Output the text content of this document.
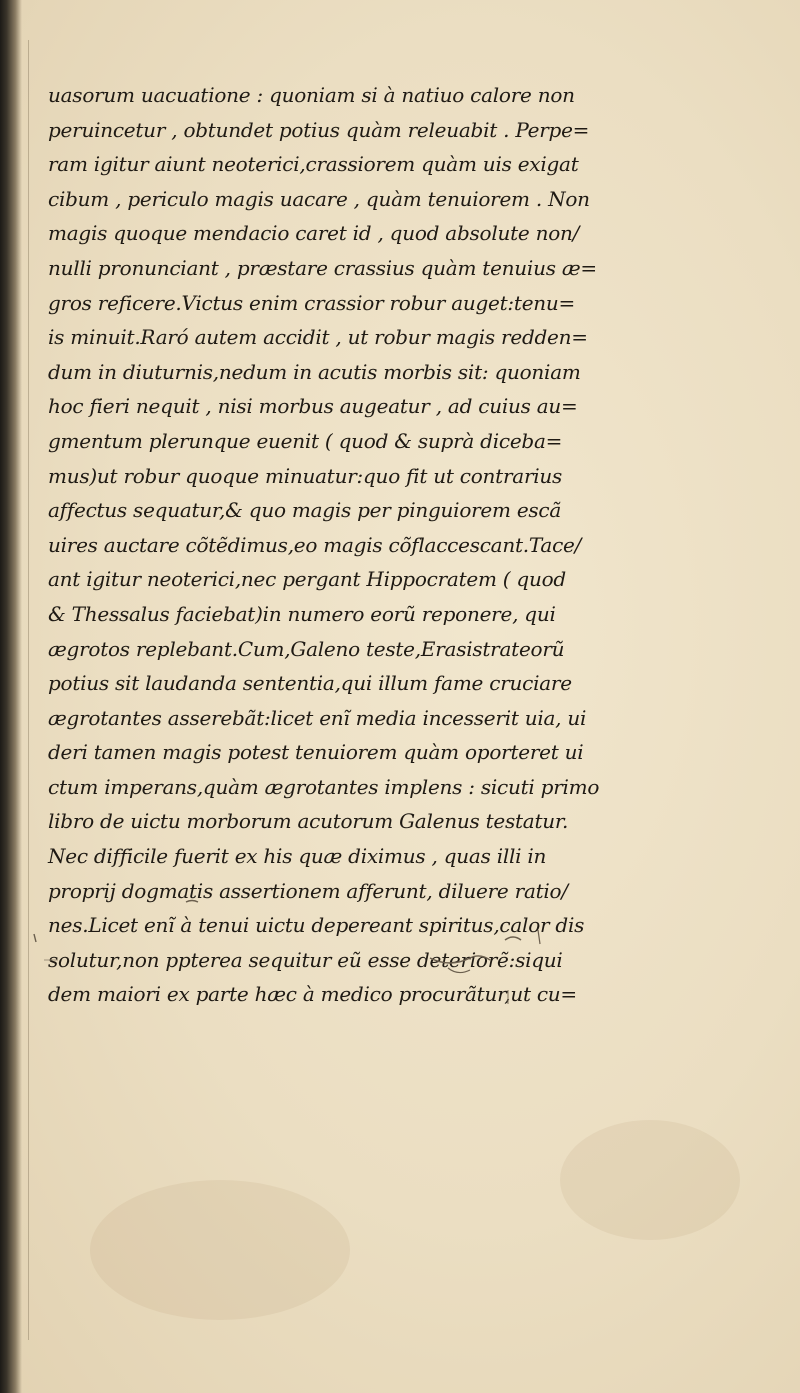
uasorum uacuatione : quoniam si à natiuo calore non
peruincetur , obtundet potius quàm releuabit . Perpe=
ram igitur aiunt neoterici,crassiorem quàm uis exigat
cibum , periculo magis uacare , quàm tenuiorem . Non
magis quoque mendacio caret id , quod absolute non/
nulli pronunciant , præstare crassius quàm tenuius æ=
gros reficere.Victus enim crassior robur auget:tenu=
is minuit.Raró autem accidit , ut robur magis redden=
dum in diuturnis,nedum in acutis morbis sit: quoniam
hoc fieri nequit , nisi morbus augeatur , ad cuius au=
gmentum plerunque euenit ( quod & suprà diceba=
mus)ut robur quoque minuatur:quo fit ut contrarius
affectus sequatur,& quo magis per pinguiorem escã
uires auctare cõtẽdimus,eo magis cõflaccescant.Tace/
ant igitur neoterici,nec pergant Hippocratem ( quod
& Thessalus faciebat)in numero eorũ reponere, qui
ægrotos replebant.Cum,Galeno teste,Erasistrateorũ
potius sit laudanda sententia,qui illum fame cruciare
ægrotantes asserebãt:licet enĩ media incesserit uia, ui
deri tamen magis potest tenuiorem quàm oporteret ui
ctum imperans,quàm ægrotantes implens : sicuti primo
libro de uictu morborum acutorum Galenus testatur.
Nec difficile fuerit ex his quæ diximus , quas illi in
proprij dogmatis assertionem afferunt, diluere ratio/
nes.Licet enĩ à tenui uictu depereant spiritus,calor dis
solutur,non ppterea sequitur eũ esse deteriorẽ:siqui
dem maiori ex parte hæc à medico procurãtur,ut cu=
